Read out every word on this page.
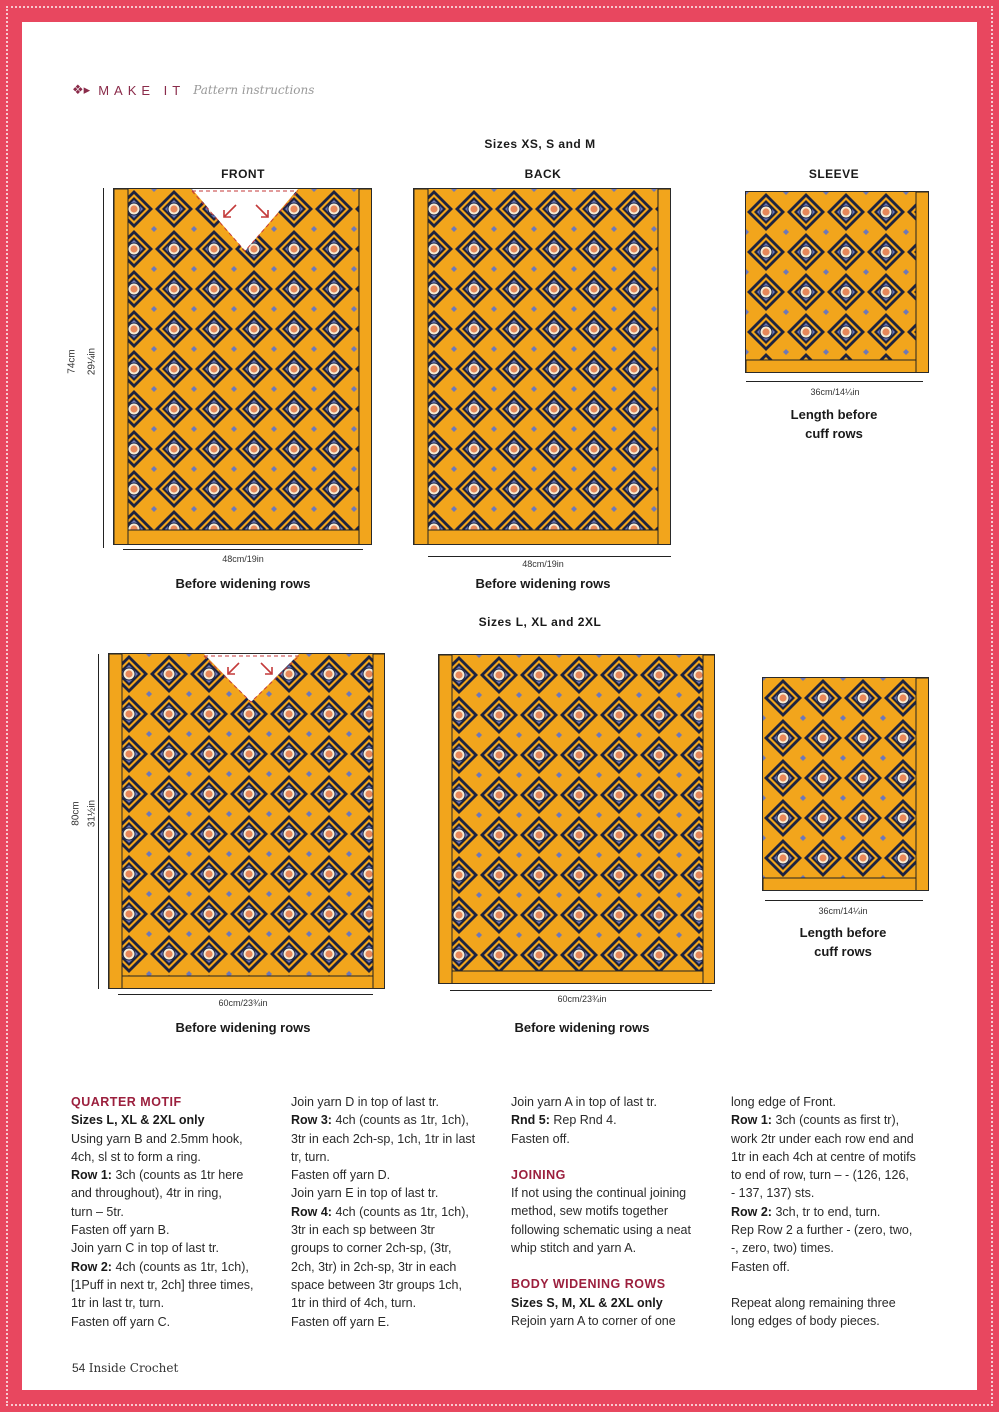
❖▸ MAKE IT Pattern instructions
Sizes XS, S and M
FRONT	BACK	SLEEVE
74cm 29¼in
48cm/19in
Before widening rows
48cm/19in
Before widening rows
36cm/14¼in
Length before
cuff rows
Sizes L, XL and 2XL
80cm 31½in
60cm/23¾in
Before widening rows
60cm/23¾in
Before widening rows
36cm/14¼in
Length before
cuff rows

QUARTER MOTIF

Sizes L, XL & 2XL only

Using yarn B and 2.5mm hook,

4ch, sl st to form a ring.

Row 1: 3ch (counts as 1tr here

and throughout), 4tr in ring,

turn – 5tr.

Fasten off yarn B.

Join yarn C in top of last tr.

Row 2: 4ch (counts as 1tr, 1ch),

[1Puff in next tr, 2ch] three times,

1tr in last tr, turn.

Fasten off yarn C.

Join yarn D in top of last tr.

Row 3: 4ch (counts as 1tr, 1ch),

3tr in each 2ch-sp, 1ch, 1tr in last

tr, turn.

Fasten off yarn D.

Join yarn E in top of last tr.

Row 4: 4ch (counts as 1tr, 1ch),

3tr in each sp between 3tr

groups to corner 2ch-sp, (3tr,

2ch, 3tr) in 2ch-sp, 3tr in each

space between 3tr groups 1ch,

1tr in third of 4ch, turn.

Fasten off yarn E.

Join yarn A in top of last tr.

Rnd 5: Rep Rnd 4.

Fasten off.

JOINING

If not using the continual joining

method, sew motifs together

following schematic using a neat

whip stitch and yarn A.

BODY WIDENING ROWS

Sizes S, M, XL & 2XL only

Rejoin yarn A to corner of one

long edge of Front.

Row 1: 3ch (counts as first tr),

work 2tr under each row end and

1tr in each 4ch at centre of motifs

to end of row, turn – - (126, 126,

- 137, 137) sts.

Row 2: 3ch, tr to end, turn.

Rep Row 2 a further - (zero, two,

-, zero, two) times.

Fasten off.

Repeat along remaining three

long edges of body pieces.

54 Inside Crochet
